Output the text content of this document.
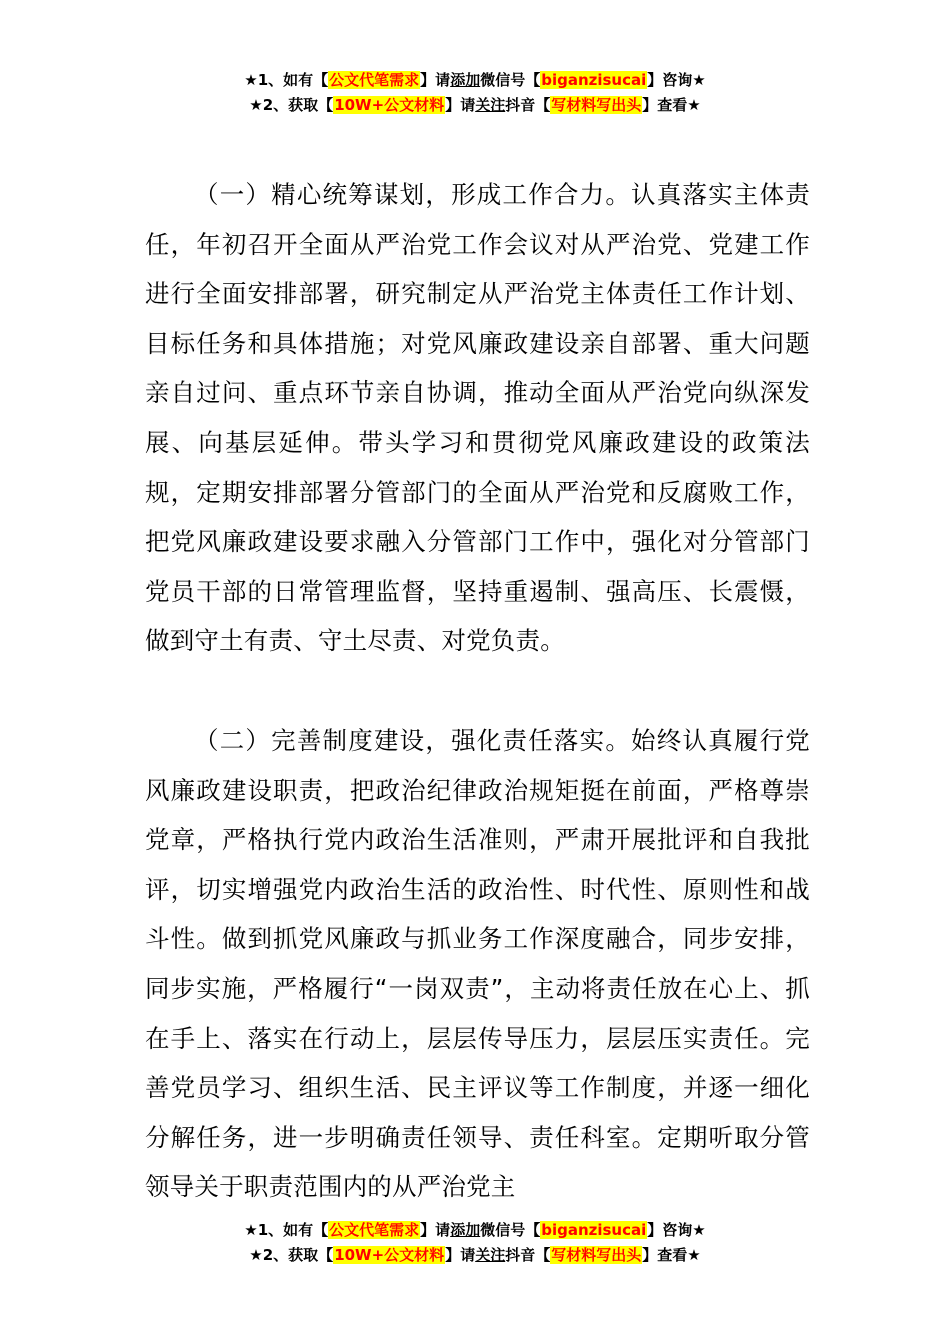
★1、如有【公文代笔需求】请添加微信号【biganzisucai】咨询★
★2、获取【10W+公文材料】请关注抖音【写材料写出头】查看★

（一）精心统筹谋划，形成工作合力。认真落实主体责任，年初召开全面从严治党工作会议对从严治党、党建工作进行全面安排部署，研究制定从严治党主体责任工作计划、目标任务和具体措施；对党风廉政建设亲自部署、重大问题亲自过问、重点环节亲自协调，推动全面从严治党向纵深发展、向基层延伸。带头学习和贯彻党风廉政建设的政策法规，定期安排部署分管部门的全面从严治党和反腐败工作，把党风廉政建设要求融入分管部门工作中，强化对分管部门党员干部的日常管理监督，坚持重遏制、强高压、长震慑，做到守土有责、守土尽责、对党负责。

（二）完善制度建设，强化责任落实。始终认真履行党风廉政建设职责，把政治纪律政治规矩挺在前面，严格尊崇党章，严格执行党内政治生活准则，严肃开展批评和自我批评，切实增强党内政治生活的政治性、时代性、原则性和战斗性。做到抓党风廉政与抓业务工作深度融合，同步安排，同步实施，严格履行“一岗双责”，主动将责任放在心上、抓在手上、落实在行动上，层层传导压力，层层压实责任。完善党员学习、组织生活、民主评议等工作制度，并逐一细化分解任务，进一步明确责任领导、责任科室。定期听取分管领导关于职责范围内的从严治党主

★1、如有【公文代笔需求】请添加微信号【biganzisucai】咨询★
★2、获取【10W+公文材料】请关注抖音【写材料写出头】查看★
